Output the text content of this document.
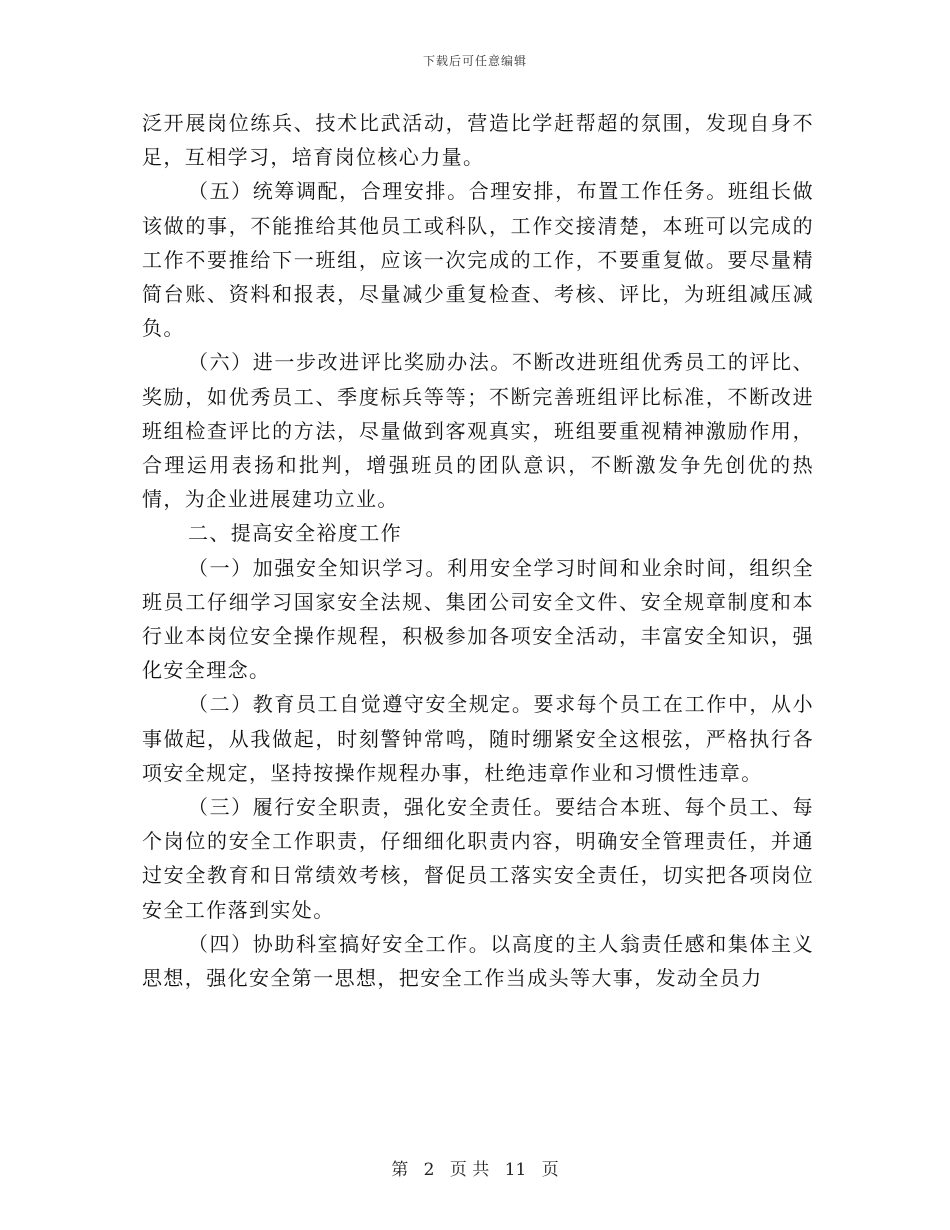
下载后可任意编辑

泛开展岗位练兵、技术比武活动，营造比学赶帮超的氛围，发现自身不足，互相学习，培育岗位核心力量。

（五）统筹调配，合理安排。合理安排，布置工作任务。班组长做该做的事，不能推给其他员工或科队，工作交接清楚，本班可以完成的工作不要推给下一班组，应该一次完成的工作，不要重复做。要尽量精简台账、资料和报表，尽量减少重复检查、考核、评比，为班组减压减负。

（六）进一步改进评比奖励办法。不断改进班组优秀员工的评比、奖励，如优秀员工、季度标兵等等；不断完善班组评比标准，不断改进班组检查评比的方法，尽量做到客观真实，班组要重视精神激励作用，合理运用表扬和批判，增强班员的团队意识，不断激发争先创优的热情，为企业进展建功立业。

二、提高安全裕度工作

（一）加强安全知识学习。利用安全学习时间和业余时间，组织全班员工仔细学习国家安全法规、集团公司安全文件、安全规章制度和本行业本岗位安全操作规程，积极参加各项安全活动，丰富安全知识，强化安全理念。

（二）教育员工自觉遵守安全规定。要求每个员工在工作中，从小事做起，从我做起，时刻警钟常鸣，随时绷紧安全这根弦，严格执行各项安全规定，坚持按操作规程办事，杜绝违章作业和习惯性违章。

（三）履行安全职责，强化安全责任。要结合本班、每个员工、每个岗位的安全工作职责，仔细细化职责内容，明确安全管理责任，并通过安全教育和日常绩效考核，督促员工落实安全责任，切实把各项岗位安全工作落到实处。

（四）协助科室搞好安全工作。以高度的主人翁责任感和集体主义思想，强化安全第一思想，把安全工作当成头等大事，发动全员力

第 2 页 共 11 页
